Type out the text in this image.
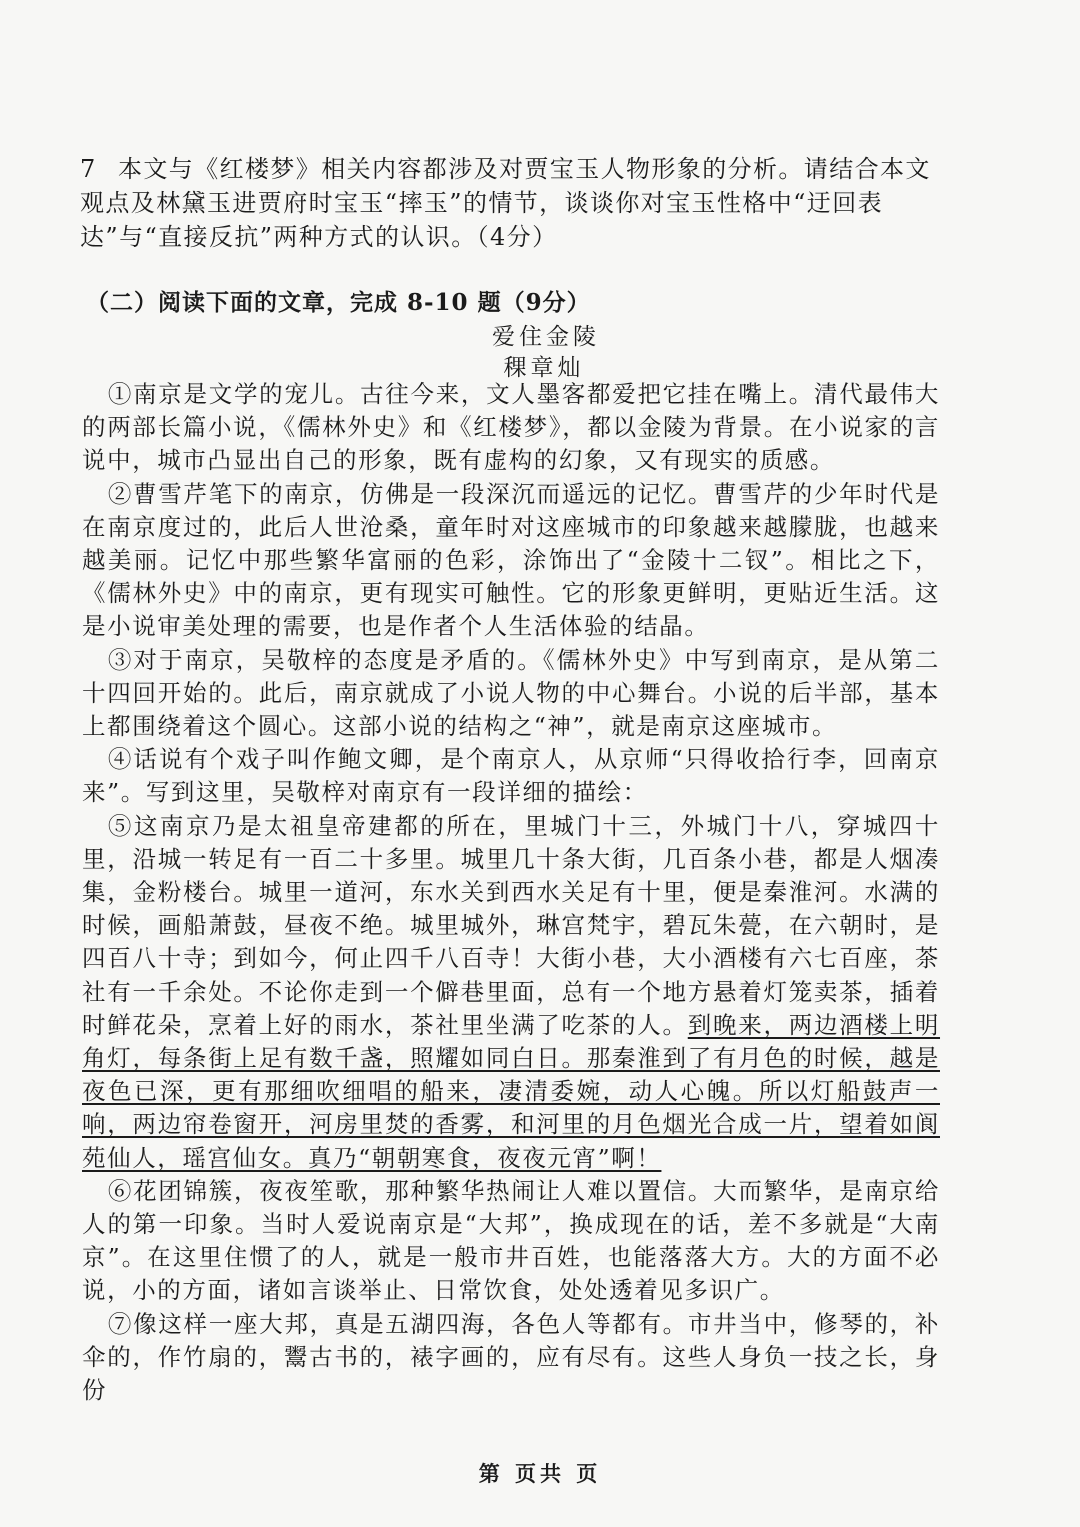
7 本文与《红楼梦》相关内容都涉及对贾宝玉人物形象的分析。请结合本文观点及林黛玉进贾府时宝玉“摔玉”的情节，谈谈你对宝玉性格中“迂回表达”与“直接反抗”两种方式的认识。（4分）
（二）阅读下面的文章，完成 8-10 题（9分）
爱住金陵
稞章灿

①南京是文学的宠儿。古往今来，文人墨客都爱把它挂在嘴上。清代最伟大的两部长篇小说，《儒林外史》和《红楼梦》，都以金陵为背景。在小说家的言说中，城市凸显出自己的形象，既有虚构的幻象，又有现实的质感。

②曹雪芹笔下的南京，仿佛是一段深沉而遥远的记忆。曹雪芹的少年时代是在南京度过的，此后人世沧桑，童年时对这座城市的印象越来越朦胧，也越来越美丽。记忆中那些繁华富丽的色彩，涂饰出了“金陵十二钗”。相比之下，《儒林外史》中的南京，更有现实可触性。它的形象更鲜明，更贴近生活。这是小说审美处理的需要，也是作者个人生活体验的结晶。

③对于南京，吴敬梓的态度是矛盾的。《儒林外史》中写到南京，是从第二十四回开始的。此后，南京就成了小说人物的中心舞台。小说的后半部，基本上都围绕着这个圆心。这部小说的结构之“神”，就是南京这座城市。

④话说有个戏子叫作鲍文卿，是个南京人，从京师“只得收拾行李，回南京来”。写到这里，吴敬梓对南京有一段详细的描绘：

⑤这南京乃是太祖皇帝建都的所在，里城门十三，外城门十八，穿城四十里，沿城一转足有一百二十多里。城里几十条大街，几百条小巷，都是人烟凑集，金粉楼台。城里一道河，东水关到西水关足有十里，便是秦淮河。水满的时候，画船萧鼓，昼夜不绝。城里城外，琳宫梵宇，碧瓦朱甍，在六朝时，是四百八十寺；到如今，何止四千八百寺！大街小巷，大小酒楼有六七百座，茶社有一千余处。不论你走到一个僻巷里面，总有一个地方悬着灯笼卖茶，插着时鲜花朵，烹着上好的雨水，茶社里坐满了吃茶的人。到晚来，两边酒楼上明角灯，每条街上足有数千盏，照耀如同白日。那秦淮到了有月色的时候，越是夜色已深，更有那细吹细唱的船来，凄清委婉，动人心魄。所以灯船鼓声一响，两边帘卷窗开，河房里焚的香雾，和河里的月色烟光合成一片，望着如阆苑仙人，瑶宫仙女。真乃“朝朝寒食，夜夜元宵”啊！

⑥花团锦簇，夜夜笙歌，那种繁华热闹让人难以置信。大而繁华，是南京给人的第一印象。当时人爱说南京是“大邦”，换成现在的话，差不多就是“大南京”。在这里住惯了的人，就是一般市井百姓，也能落落大方。大的方面不必说，小的方面，诸如言谈举止、日常饮食，处处透着见多识广。

⑦像这样一座大邦，真是五湖四海，各色人等都有。市井当中，修琴的，补伞的，作竹扇的，鬻古书的，裱字画的，应有尽有。这些人身负一技之长，身份

第 页共 页
